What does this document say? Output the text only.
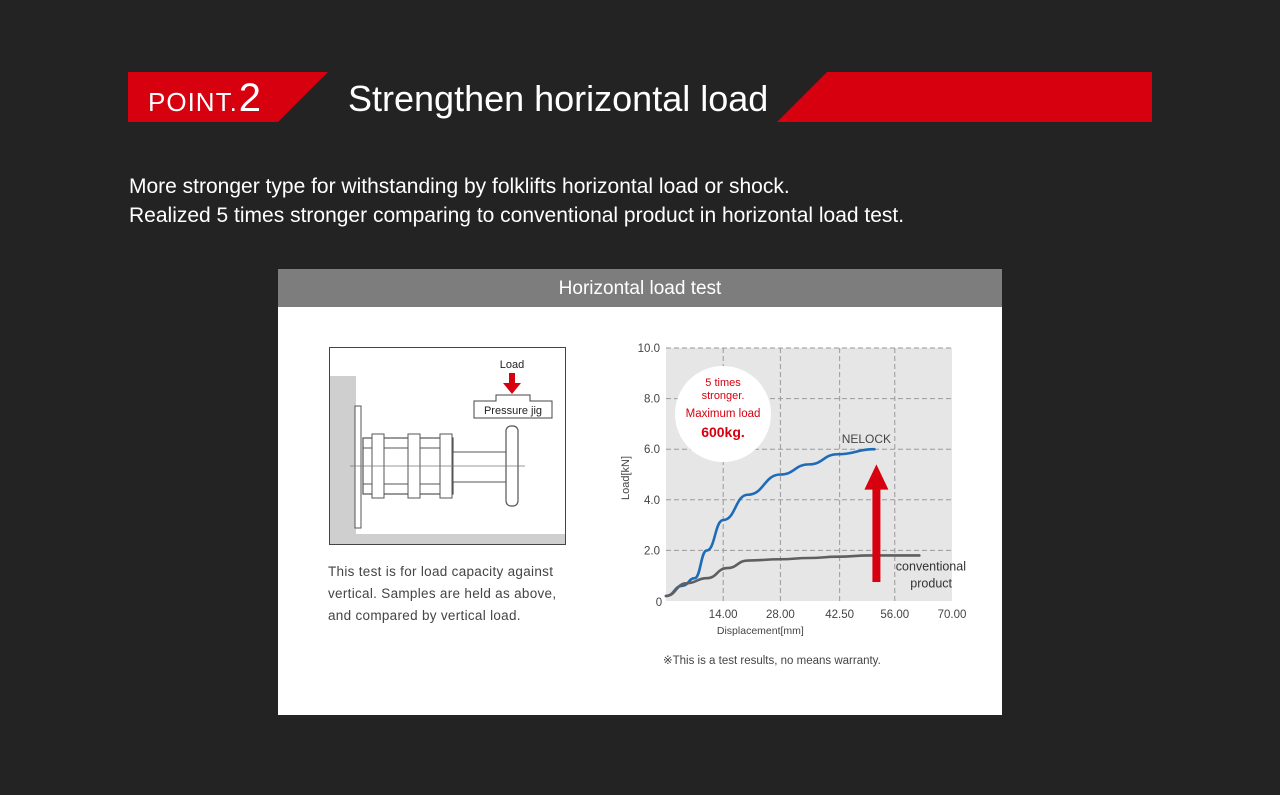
POINT. 2 Strengthen horizontal load
More stronger type for withstanding by folklifts horizontal load or shock.
Realized 5 times stronger comparing to conventional product in horizontal load test.
Horizontal load test
Load
Pressure jig
This test is for load capacity against
vertical. Samples are held as above,
and compared by vertical load.
2.0
4.0
6.0
8.0
10.0
14.00 28.00	42.50 56.00 70.00
0
Displacement[mm]
Load[kN]
5 times
stronger.
Maximum load
600kg.	NELOCK
conventional
product
※This is a test results, no means warranty.
